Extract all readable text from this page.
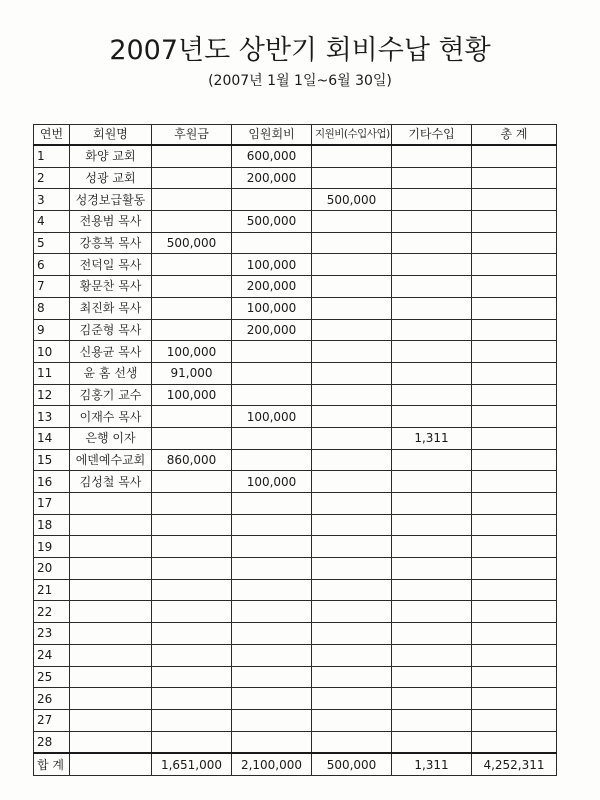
2007년도 상반기 회비수납 현황
(2007년 1월 1일~6월 30일)
연번	회원명	후원금	임원회비	지원비(수입사업)	기타수입	총 계
1	화양 교회		600,000			
2	성광 교회		200,000			
3	성경보급활동			500,000		
4	전용범 목사		500,000			
5	강흥복 목사	500,000				
6	전덕일 목사		100,000			
7	황문찬 목사		200,000			
8	최진화 목사		100,000			
9	김준형 목사		200,000			
10	신용균 목사	100,000				
11	윤 홈 선생	91,000				
12	김홍기 교수	100,000				
13	이재수 목사		100,000			
14	은행 이자				1,311	
15	에덴예수교회	860,000				
16	김성철 목사		100,000			
17						
18						
19						
20						
21						
22						
23						
24						
25						
26						
27						
28						
합 계		1,651,000	2,100,000	500,000	1,311	4,252,311
